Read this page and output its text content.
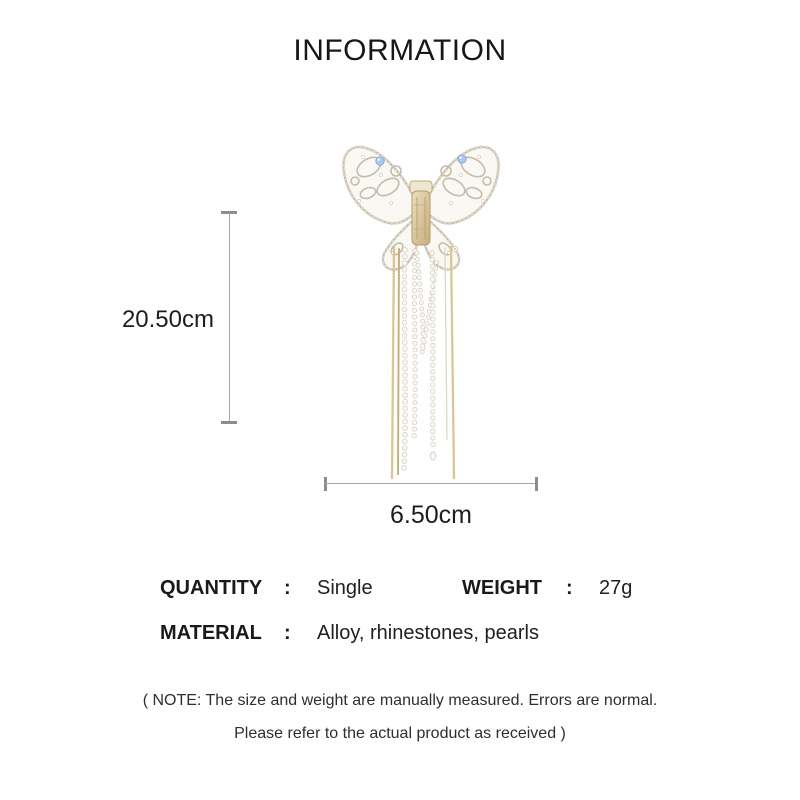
INFORMATION
20.50cm
6.50cm
QUANTITY : Single	WEIGHT : 27g
MATERIAL : Alloy, rhinestones, pearls
( NOTE: The size and weight are manually measured. Errors are normal.
Please refer to the actual product as received )
